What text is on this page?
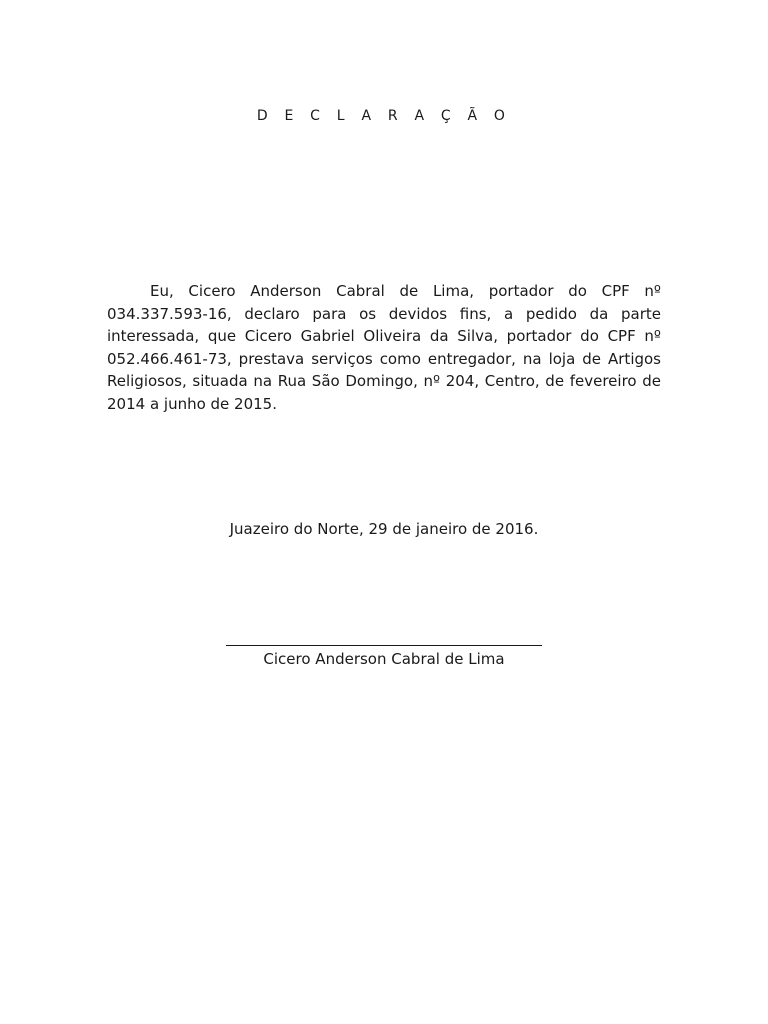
D E C L A R A Ç Ã O

Eu, Cicero Anderson Cabral de Lima, portador do CPF nº 034.337.593-16, declaro para os devidos fins, a pedido da parte interessada, que Cicero Gabriel Oliveira da Silva, portador do CPF nº 052.466.461-73, prestava serviços como entregador, na loja de Artigos Religiosos, situada na Rua São Domingo, nº 204, Centro, de fevereiro de 2014 a junho de 2015.

Juazeiro do Norte, 29 de janeiro de 2016.

Cicero Anderson Cabral de Lima
